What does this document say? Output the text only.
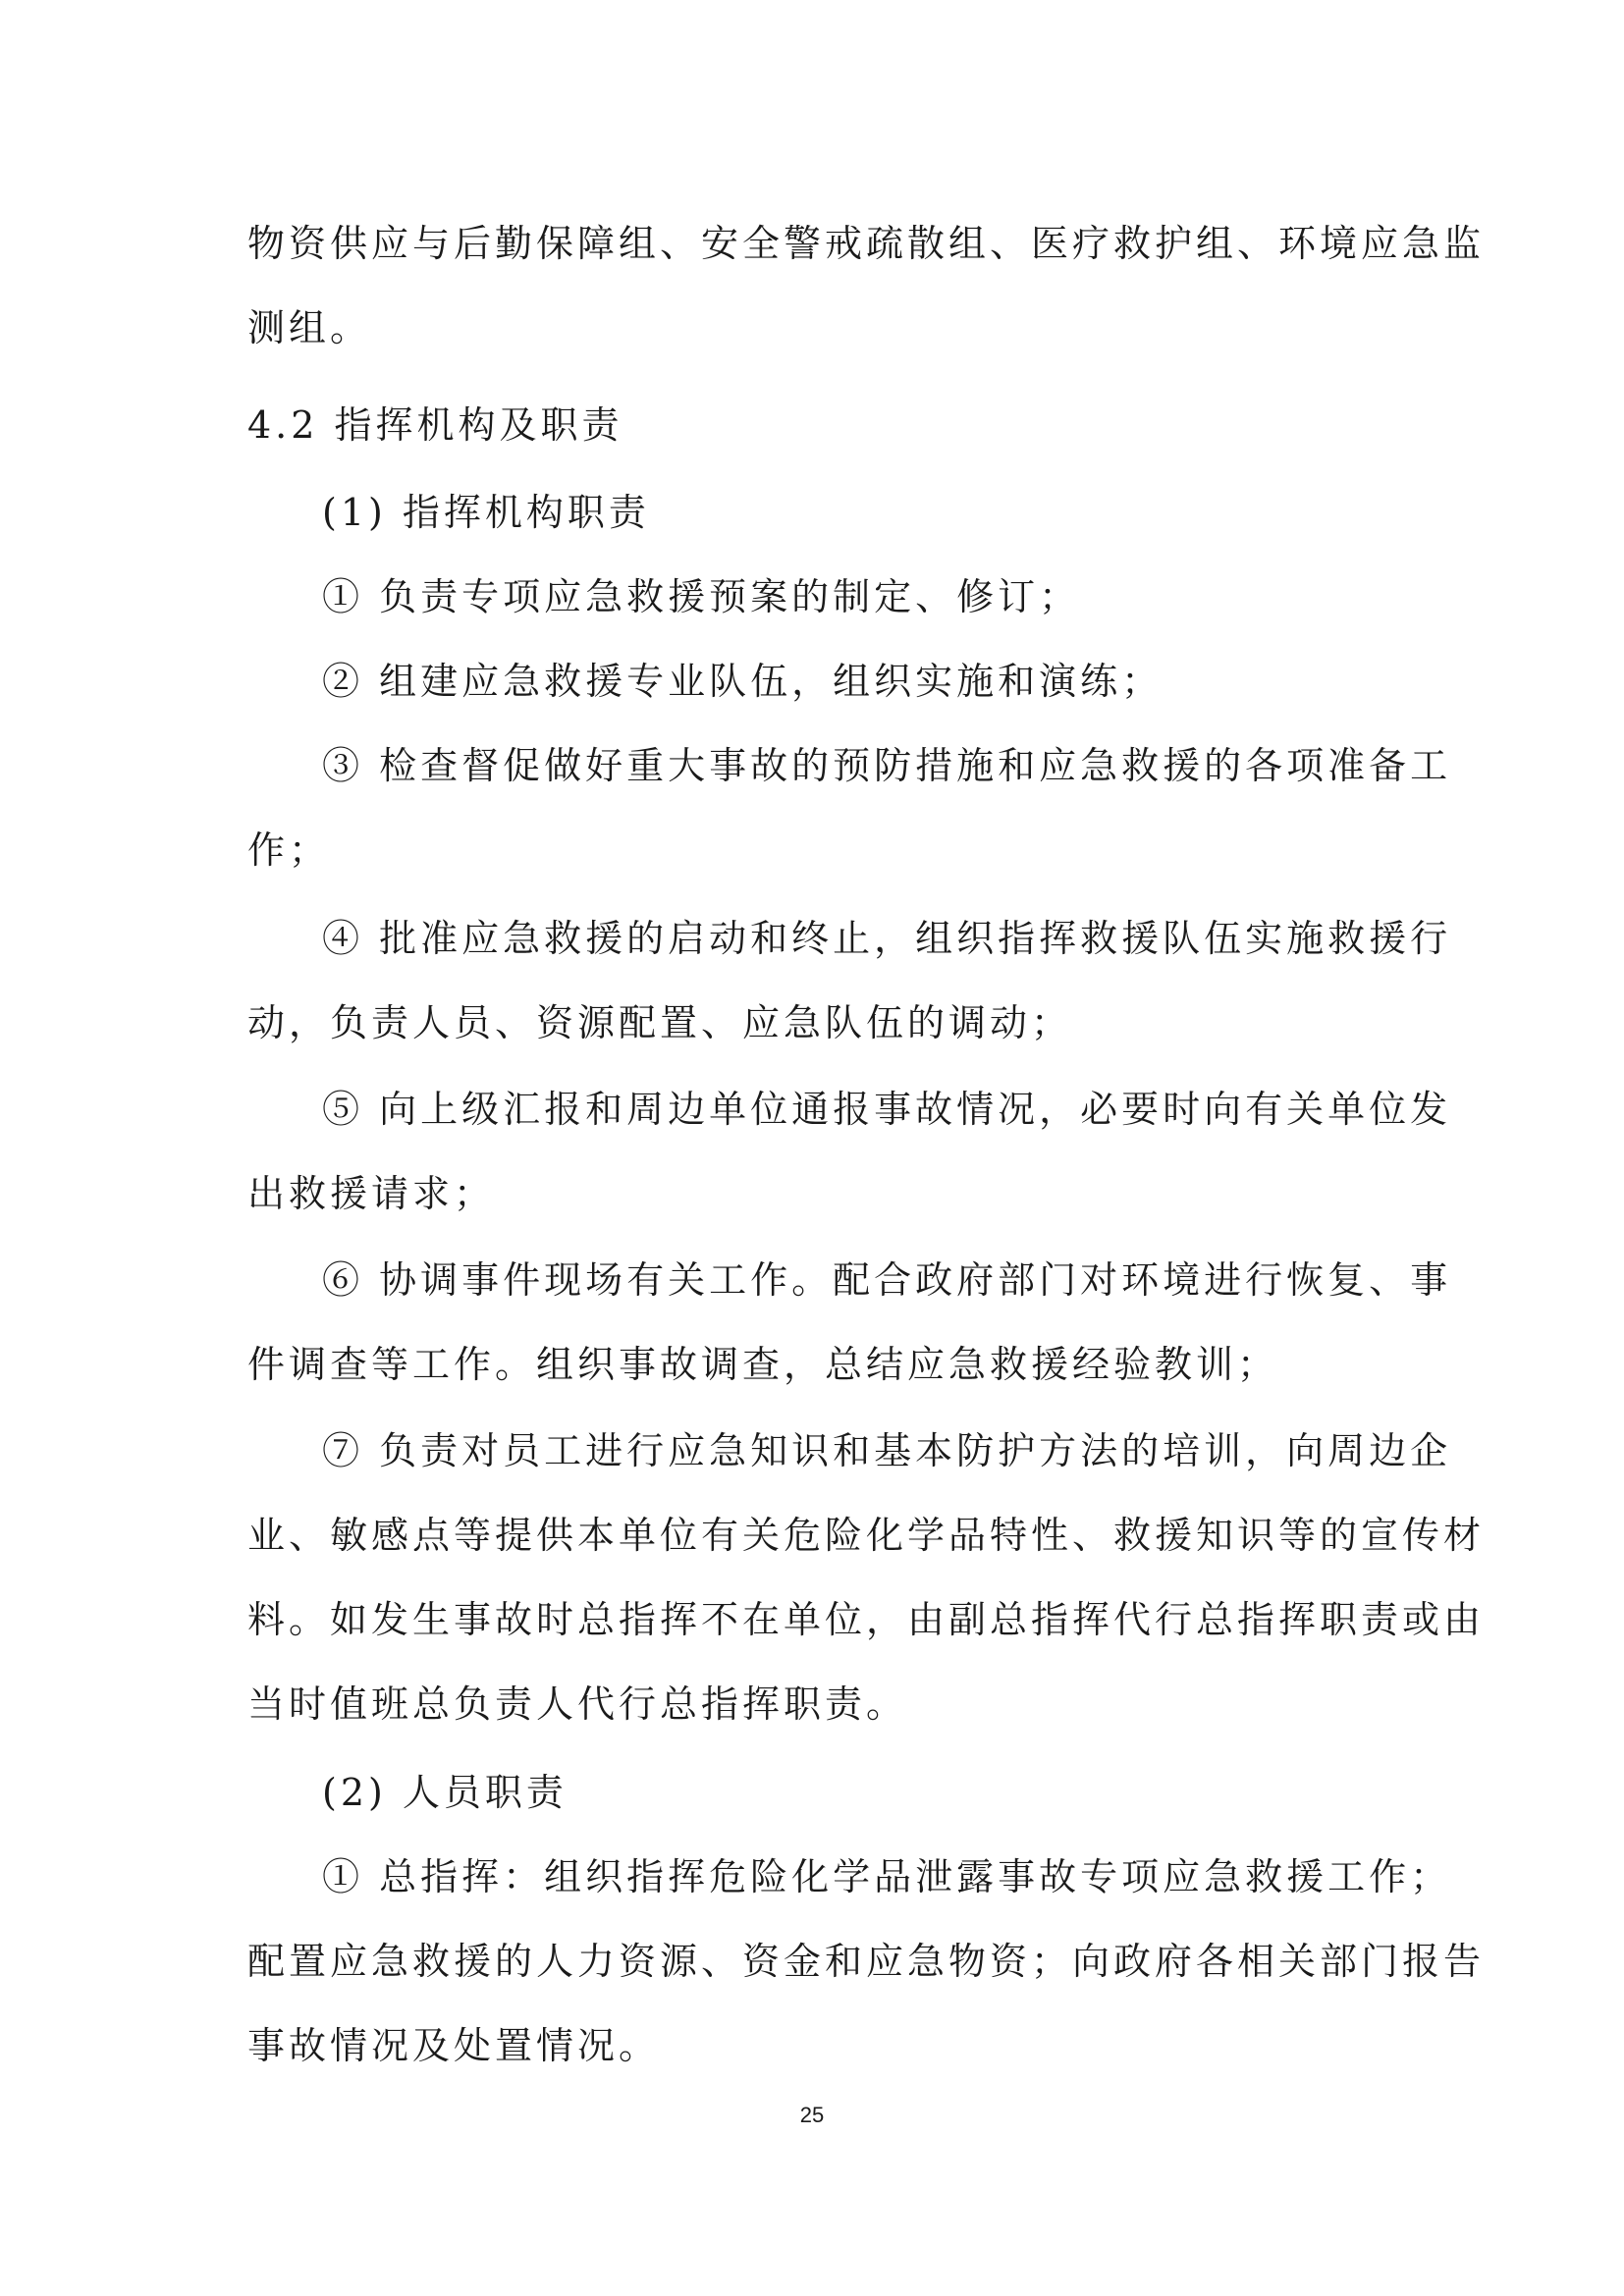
物资供应与后勤保障组、安全警戒疏散组、医疗救护组、环境应急监
测组。
4.2 指挥机构及职责
(1) 指挥机构职责
① 负责专项应急救援预案的制定、修订；
② 组建应急救援专业队伍，组织实施和演练；
③ 检查督促做好重大事故的预防措施和应急救援的各项准备工
作；
④ 批准应急救援的启动和终止，组织指挥救援队伍实施救援行
动，负责人员、资源配置、应急队伍的调动；
⑤ 向上级汇报和周边单位通报事故情况，必要时向有关单位发
出救援请求；
⑥ 协调事件现场有关工作。配合政府部门对环境进行恢复、事
件调查等工作。组织事故调查，总结应急救援经验教训；
⑦ 负责对员工进行应急知识和基本防护方法的培训，向周边企
业、敏感点等提供本单位有关危险化学品特性、救援知识等的宣传材
料。如发生事故时总指挥不在单位，由副总指挥代行总指挥职责或由
当时值班总负责人代行总指挥职责。
(2) 人员职责
① 总指挥：组织指挥危险化学品泄露事故专项应急救援工作；
配置应急救援的人力资源、资金和应急物资；向政府各相关部门报告
事故情况及处置情况。
25
